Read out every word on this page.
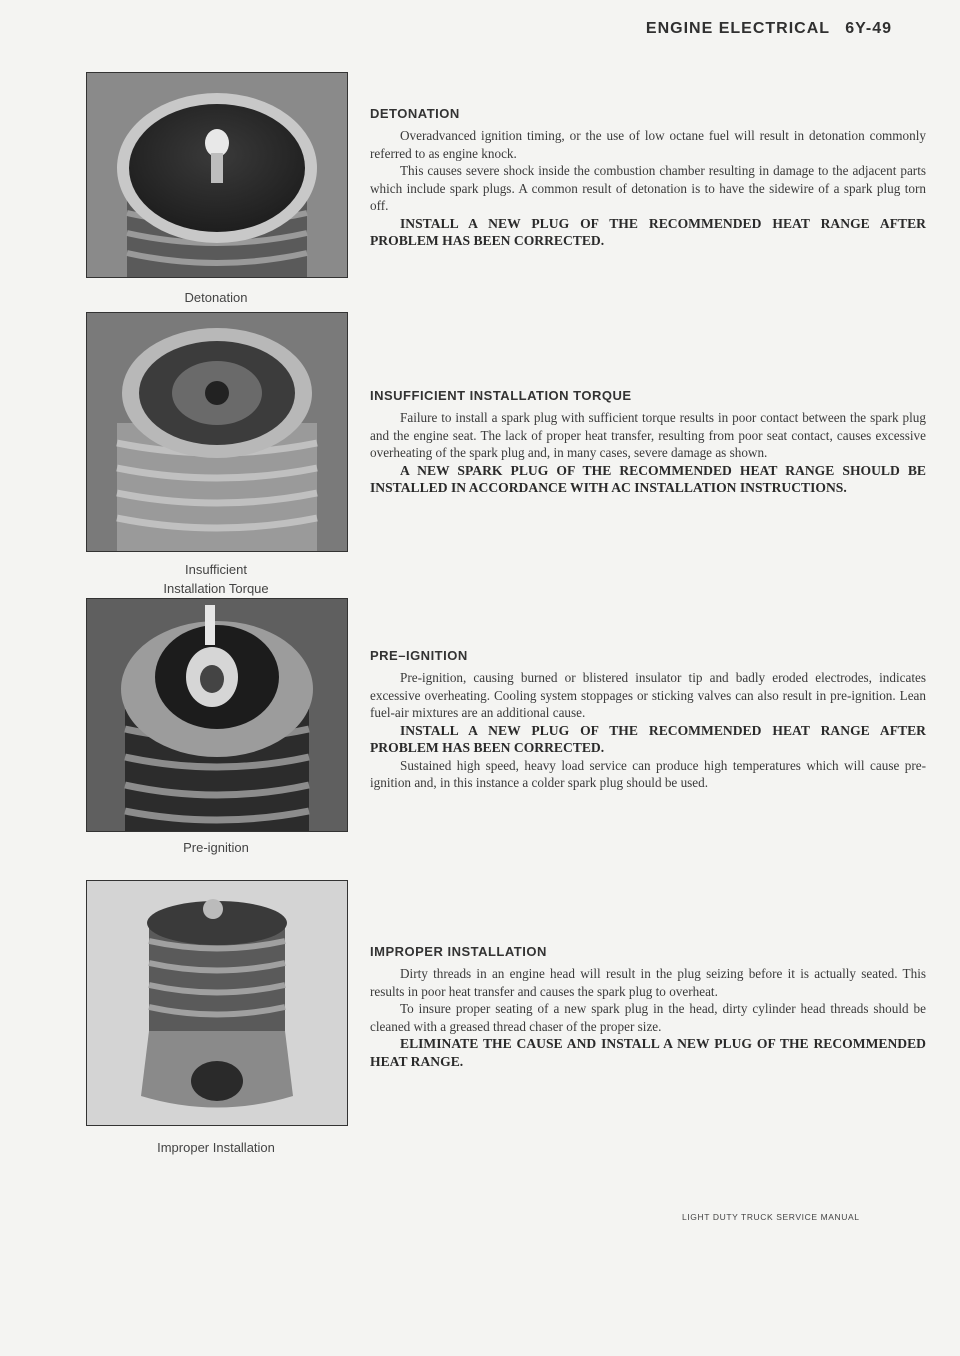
ENGINE ELECTRICAL 6Y-49
Detonation
Insufficient
Installation Torque
Pre-ignition
Improper Installation
DETONATION

Overadvanced ignition timing, or the use of low octane fuel will result in detonation commonly referred to as engine knock.

This causes severe shock inside the combustion chamber resulting in damage to the adjacent parts which include spark plugs. A common result of detonation is to have the sidewire of a spark plug torn off.

INSTALL A NEW PLUG OF THE RECOMMENDED HEAT RANGE AFTER PROBLEM HAS BEEN CORRECTED.

INSUFFICIENT INSTALLATION TORQUE

Failure to install a spark plug with sufficient torque results in poor contact between the spark plug and the engine seat. The lack of proper heat transfer, resulting from poor seat contact, causes excessive overheating of the spark plug and, in many cases, severe damage as shown.

A NEW SPARK PLUG OF THE RECOMMENDED HEAT RANGE SHOULD BE INSTALLED IN ACCORDANCE WITH AC INSTALLATION INSTRUCTIONS.

PRE–IGNITION

Pre-ignition, causing burned or blistered insulator tip and badly eroded electrodes, indicates excessive overheating. Cooling system stoppages or sticking valves can also result in pre-ignition. Lean fuel-air mixtures are an additional cause.

INSTALL A NEW PLUG OF THE RECOMMENDED HEAT RANGE AFTER PROBLEM HAS BEEN CORRECTED.

Sustained high speed, heavy load service can produce high temperatures which will cause pre-ignition and, in this instance a colder spark plug should be used.

IMPROPER INSTALLATION

Dirty threads in an engine head will result in the plug seizing before it is actually seated. This results in poor heat transfer and causes the spark plug to overheat.

To insure proper seating of a new spark plug in the head, dirty cylinder head threads should be cleaned with a greased thread chaser of the proper size.

ELIMINATE THE CAUSE AND INSTALL A NEW PLUG OF THE RECOMMENDED HEAT RANGE.

LIGHT DUTY TRUCK SERVICE MANUAL
